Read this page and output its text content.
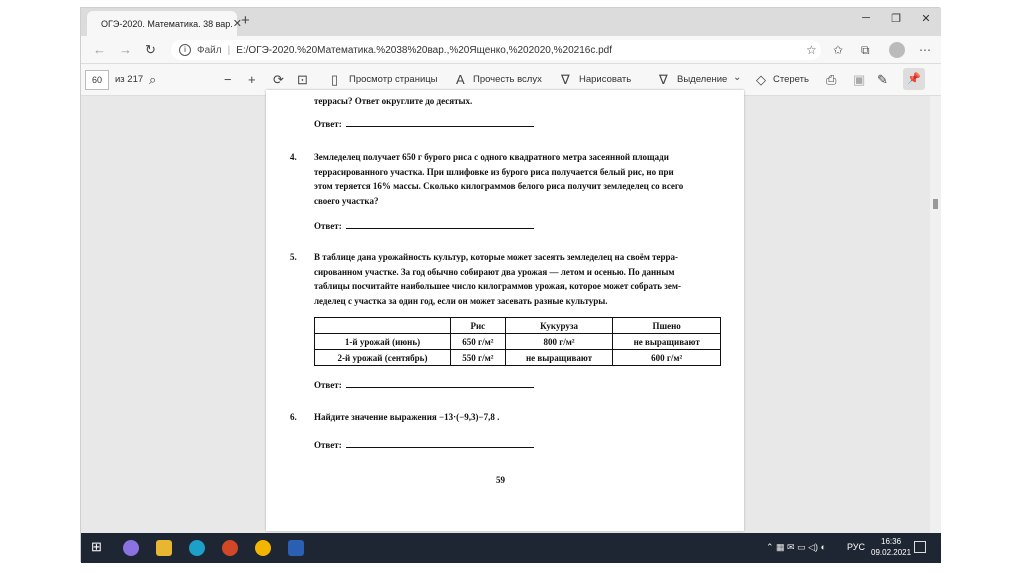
ОГЭ-2020. Математика. 38 вар. ✕
+	─	❐	✕
← → ↻	i	Файл | E:/ОГЭ-2020.%20Математика.%2038%20вар.,%20Ященко,%202020,%20216c.pdf	☆ ✩ ⧉	⋯
60	из 217 ⌕	− + ⟳ ⊡ ▯ Просмотр страницы A Прочесть вслух ∇ Нарисовать ∇ Выделение ⌄ ◇ Стереть ⎙ ▣ ✎	📌
террасы? Ответ округлите до десятых.
Ответ:
4. Земледелец получает 650 г бурого риса с одного квадратного метра засеянной площади
террасированного участка. При шлифовке из бурого риса получается белый рис, но при
этом теряется 16% массы. Сколько килограммов белого риса получит земледелец со всего
своего участка?
Ответ:
5. В таблице дана урожайность культур, которые может засеять земледелец на своём терра-
сированном участке. За год обычно собирают два урожая — летом и осенью. По данным
таблицы посчитайте наибольшее число килограммов урожая, которое может собрать зем-
леделец с участка за один год, если он может засевать разные культуры.
	Рис	Кукуруза	Пшено
1-й урожай (июнь)	650 г/м²	800 г/м²	не выращивают
2-й урожай (сентябрь)	550 г/м²	не выращивают	600 г/м²
Ответ:
6. Найдите значение выражения −13·(−9,3)−7,8 .
Ответ:
59
⊞	⌃ ▦ ✉ ▭ ◁) ◐ РУС
16:36
09.02.2021
